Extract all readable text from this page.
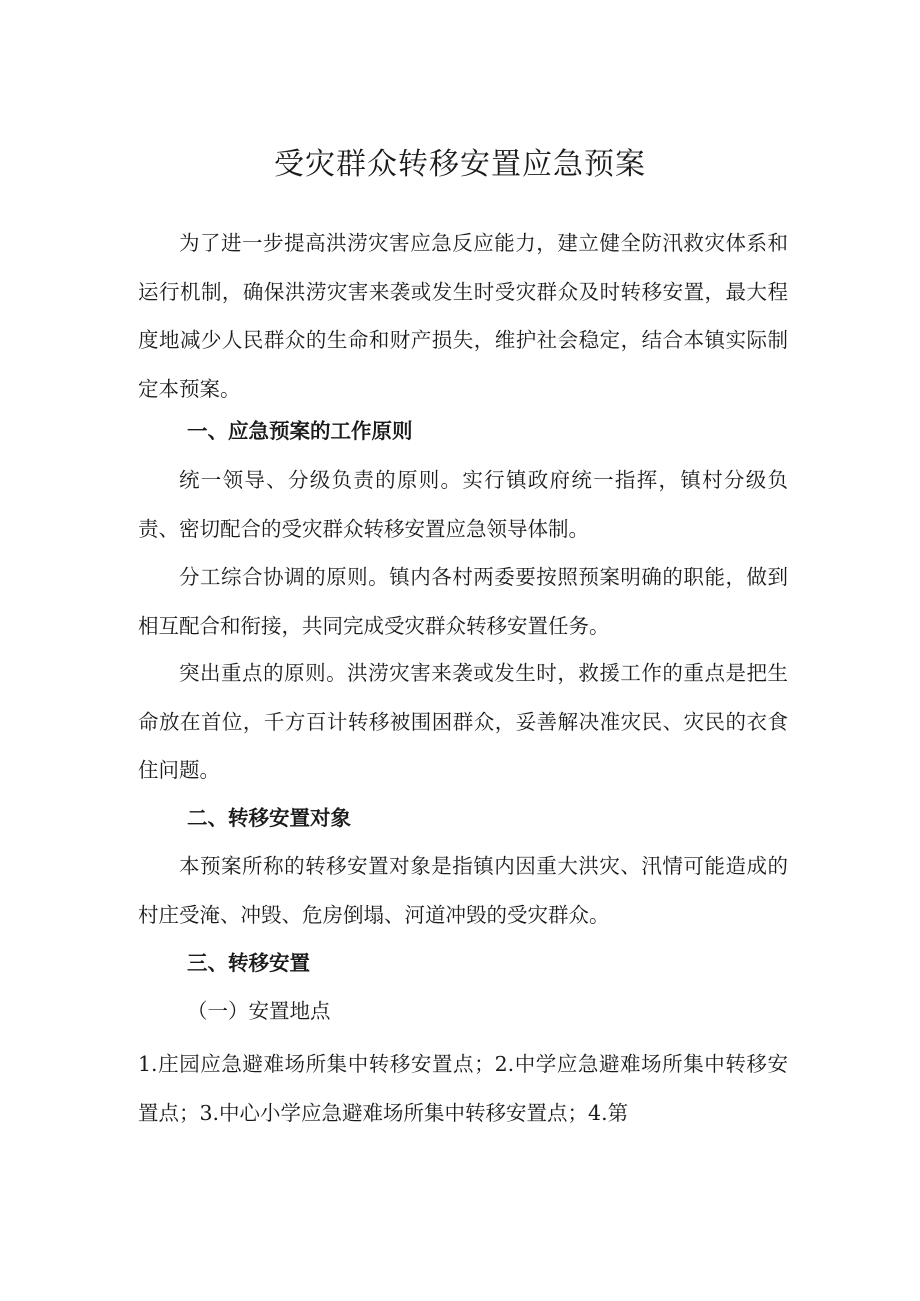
受灾群众转移安置应急预案

为了进一步提高洪涝灾害应急反应能力，建立健全防汛救灾体系和运行机制，确保洪涝灾害来袭或发生时受灾群众及时转移安置，最大程度地减少人民群众的生命和财产损失，维护社会稳定，结合本镇实际制定本预案。

一、应急预案的工作原则

统一领导、分级负责的原则。实行镇政府统一指挥，镇村分级负责、密切配合的受灾群众转移安置应急领导体制。

分工综合协调的原则。镇内各村两委要按照预案明确的职能，做到相互配合和衔接，共同完成受灾群众转移安置任务。

突出重点的原则。洪涝灾害来袭或发生时，救援工作的重点是把生命放在首位，千方百计转移被围困群众，妥善解决准灾民、灾民的衣食住问题。

二、转移安置对象

本预案所称的转移安置对象是指镇内因重大洪灾、汛情可能造成的村庄受淹、冲毁、危房倒塌、河道冲毁的受灾群众。

三、转移安置
（一）安置地点

1.庄园应急避难场所集中转移安置点；2.中学应急避难场所集中转移安置点；3.中心小学应急避难场所集中转移安置点；4.第
